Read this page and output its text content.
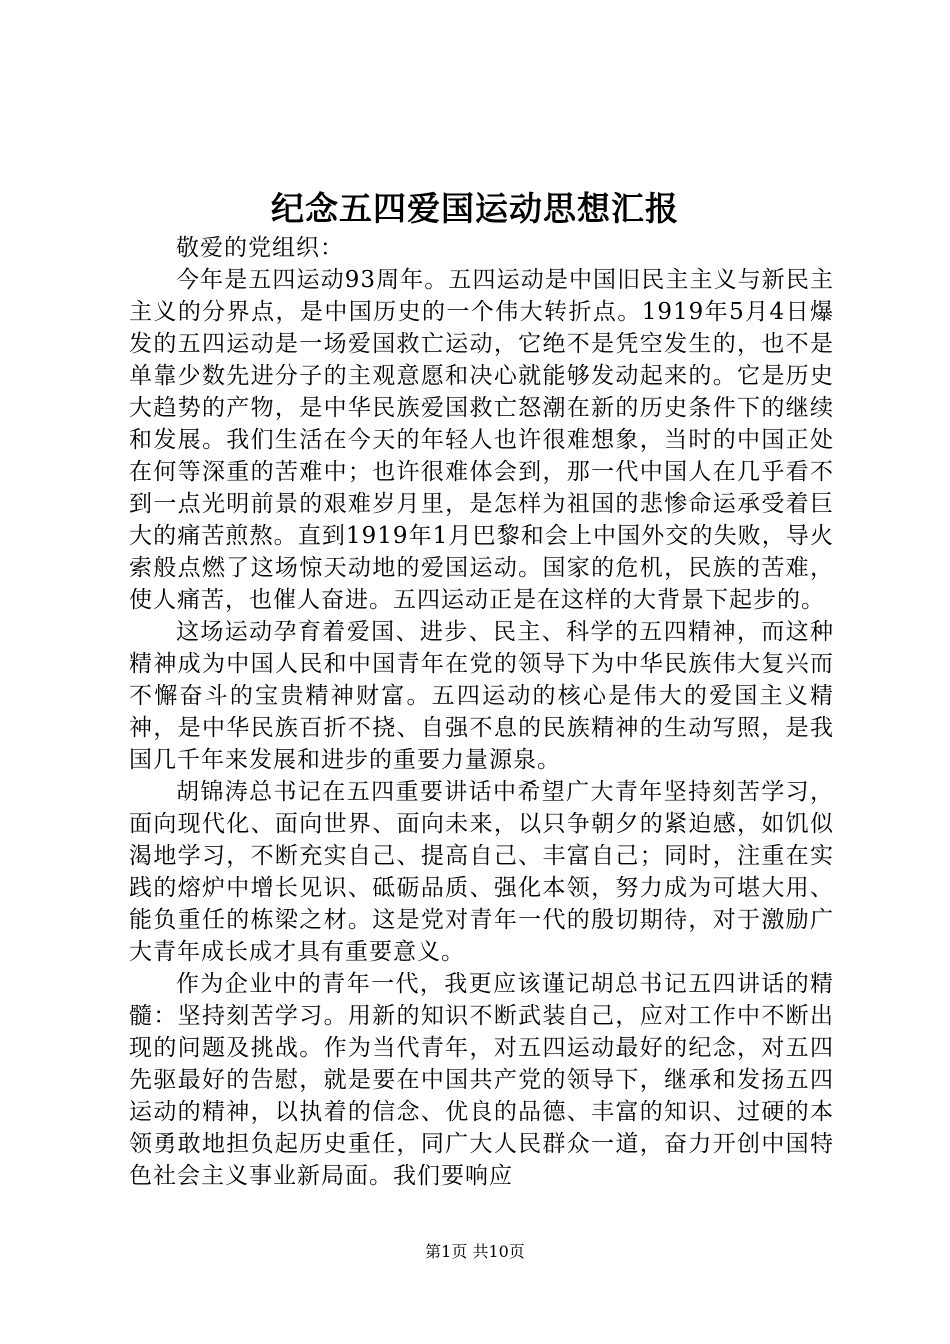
纪念五四爱国运动思想汇报

敬爱的党组织：

今年是五四运动93周年。五四运动是中国旧民主主义与新民主主义的分界点，是中国历史的一个伟大转折点。1919年5月4日爆发的五四运动是一场爱国救亡运动，它绝不是凭空发生的，也不是单靠少数先进分子的主观意愿和决心就能够发动起来的。它是历史大趋势的产物，是中华民族爱国救亡怒潮在新的历史条件下的继续和发展。我们生活在今天的年轻人也许很难想象，当时的中国正处在何等深重的苦难中；也许很难体会到，那一代中国人在几乎看不到一点光明前景的艰难岁月里，是怎样为祖国的悲惨命运承受着巨大的痛苦煎熬。直到1919年1月巴黎和会上中国外交的失败，导火索般点燃了这场惊天动地的爱国运动。国家的危机，民族的苦难，使人痛苦，也催人奋进。五四运动正是在这样的大背景下起步的。

这场运动孕育着爱国、进步、民主、科学的五四精神，而这种精神成为中国人民和中国青年在党的领导下为中华民族伟大复兴而不懈奋斗的宝贵精神财富。五四运动的核心是伟大的爱国主义精神，是中华民族百折不挠、自强不息的民族精神的生动写照，是我国几千年来发展和进步的重要力量源泉。

胡锦涛总书记在五四重要讲话中希望广大青年坚持刻苦学习，面向现代化、面向世界、面向未来，以只争朝夕的紧迫感，如饥似渴地学习，不断充实自己、提高自己、丰富自己；同时，注重在实践的熔炉中增长见识、砥砺品质、强化本领，努力成为可堪大用、能负重任的栋梁之材。这是党对青年一代的殷切期待，对于激励广大青年成长成才具有重要意义。

作为企业中的青年一代，我更应该谨记胡总书记五四讲话的精髓：坚持刻苦学习。用新的知识不断武装自己，应对工作中不断出现的问题及挑战。作为当代青年，对五四运动最好的纪念，对五四先驱最好的告慰，就是要在中国共产党的领导下，继承和发扬五四运动的精神，以执着的信念、优良的品德、丰富的知识、过硬的本领勇敢地担负起历史重任，同广大人民群众一道，奋力开创中国特色社会主义事业新局面。我们要响应

第1页 共10页
